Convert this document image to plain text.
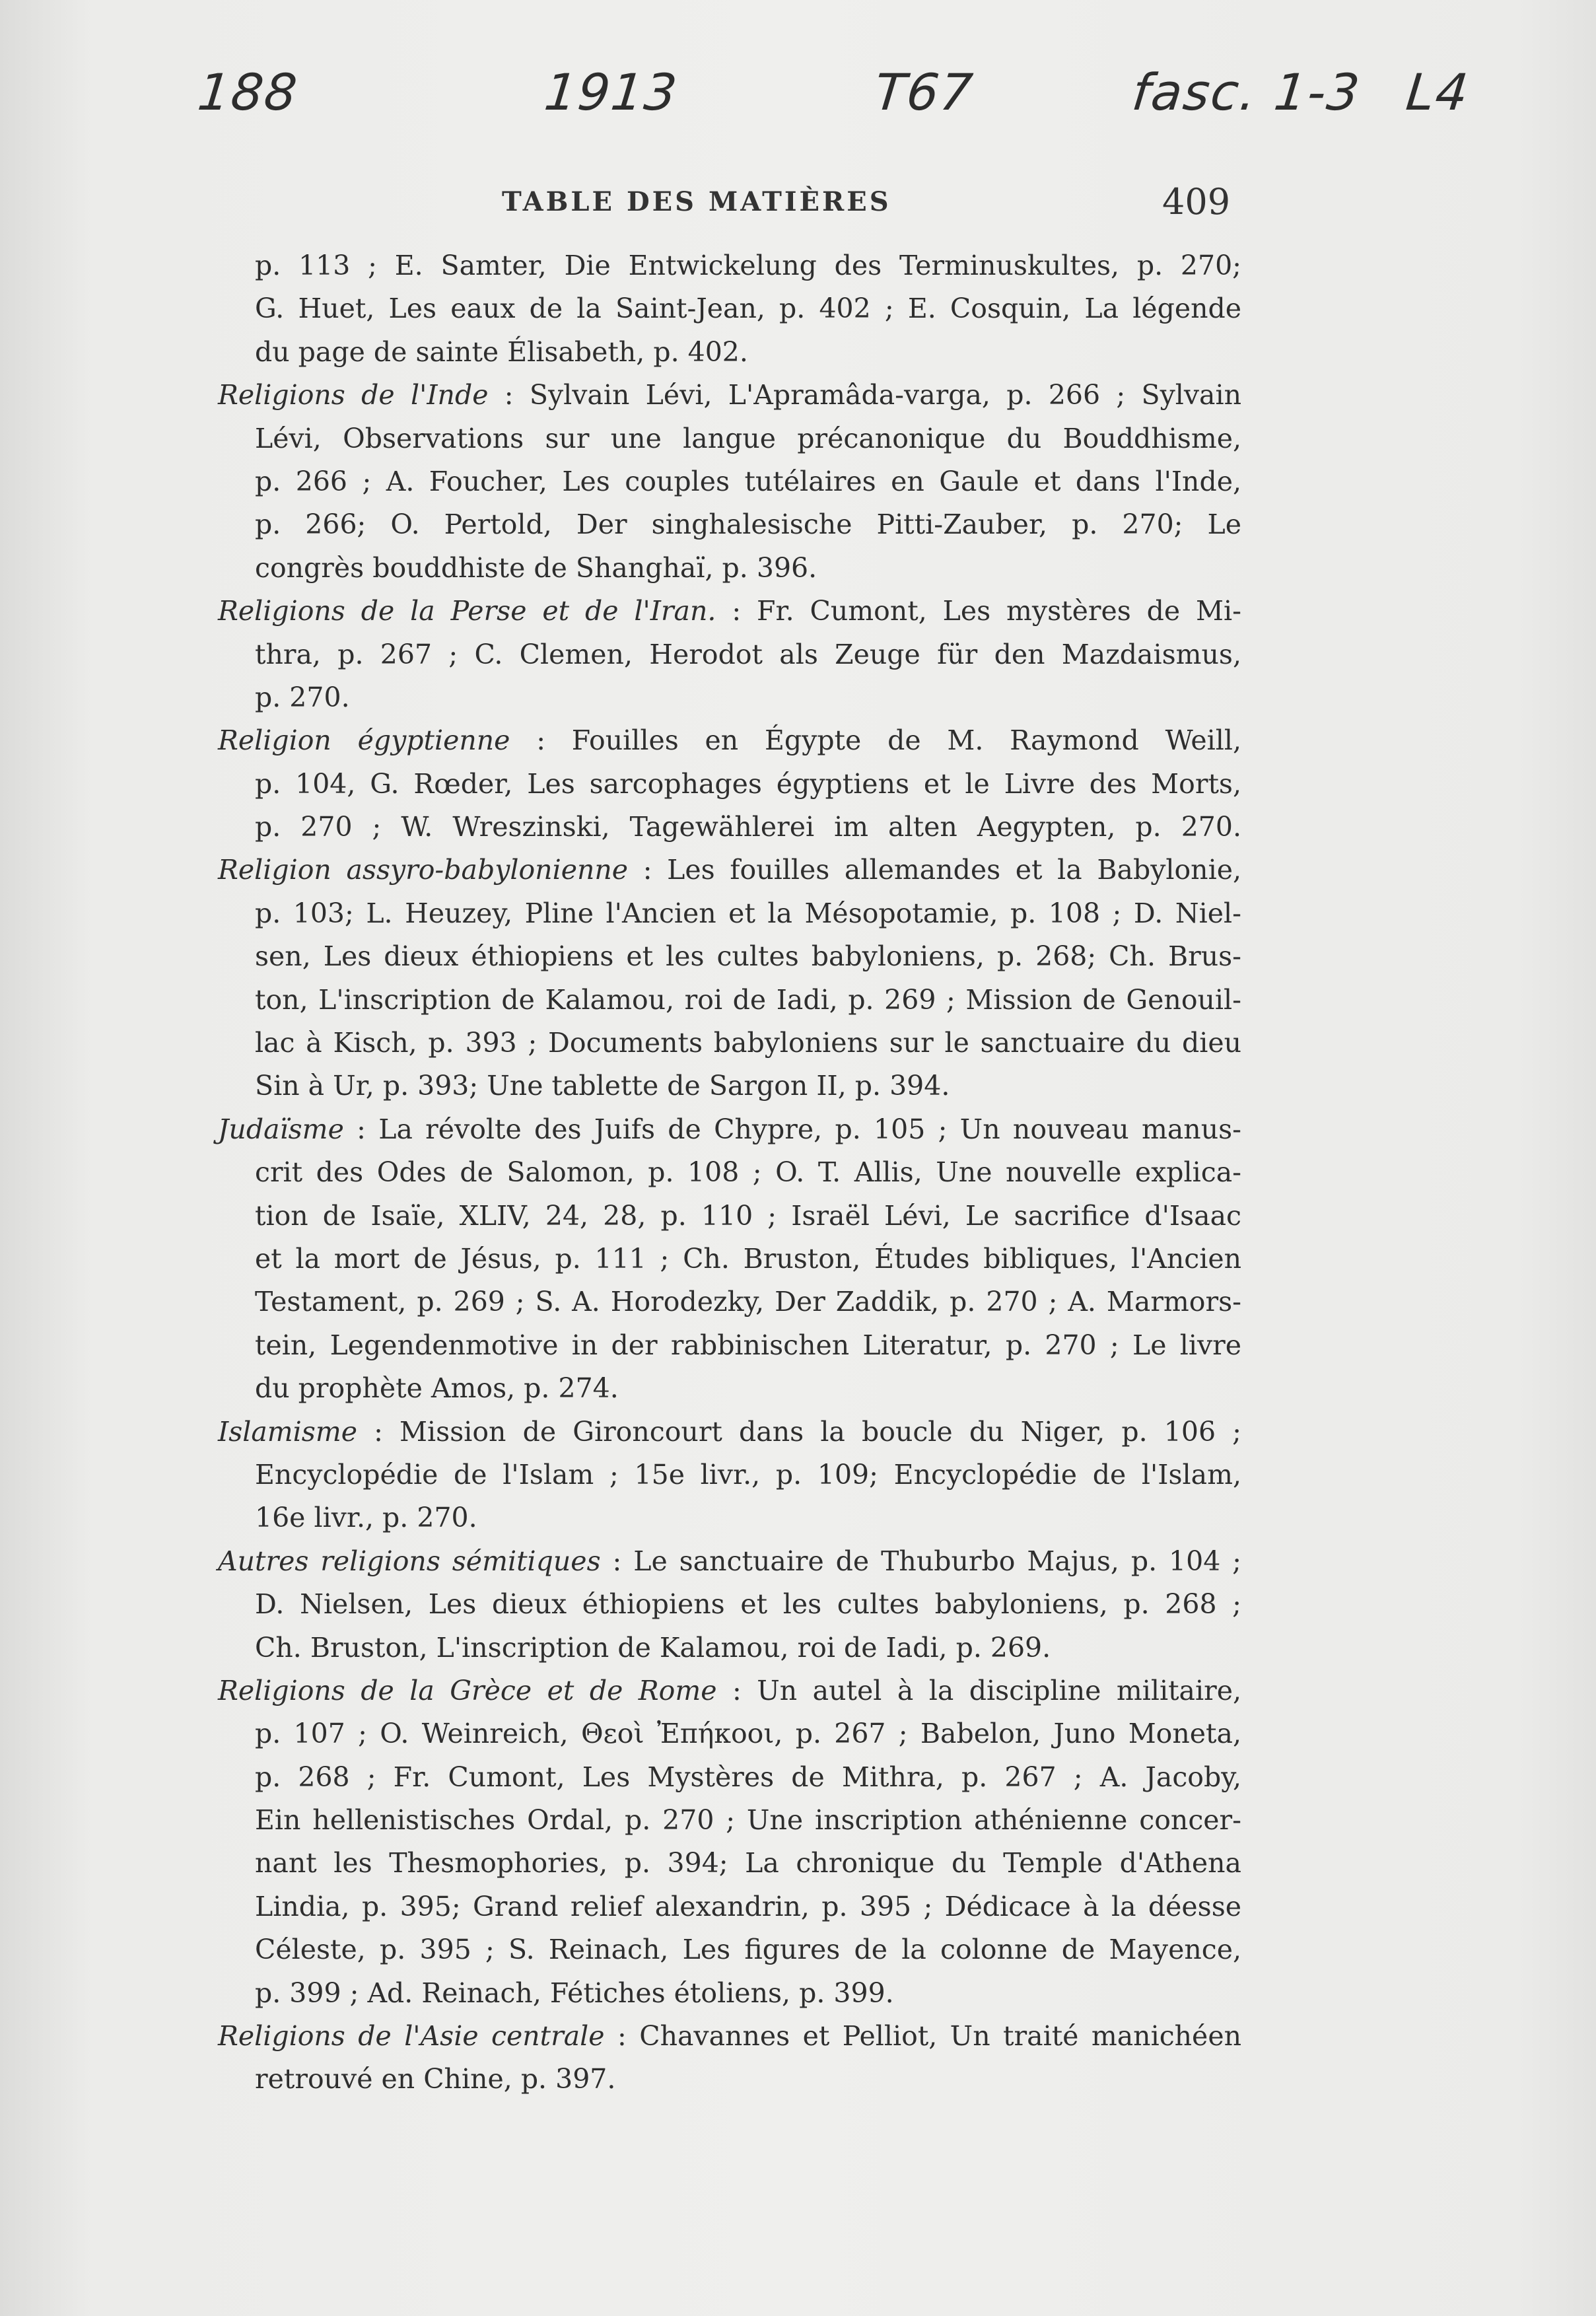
188	1913	T67	fasc. 1-3 L4
TABLE DES MATIÈRES	409
p. 113 ; E. Samter, Die Entwickelung des Terminuskultes, p. 270;
G. Huet, Les eaux de la Saint-Jean, p. 402 ; E. Cosquin, La légende
du page de sainte Élisabeth, p. 402.
Religions de l'Inde : Sylvain Lévi, L'Apramâda-varga, p. 266 ; Sylvain
Lévi, Observations sur une langue précanonique du Bouddhisme,
p. 266 ; A. Foucher, Les couples tutélaires en Gaule et dans l'Inde,
p. 266; O. Pertold, Der singhalesische Pitti-Zauber, p. 270; Le
congrès bouddhiste de Shanghaï, p. 396.
Religions de la Perse et de l'Iran. : Fr. Cumont, Les mystères de Mi-
thra, p. 267 ; C. Clemen, Herodot als Zeuge für den Mazdaismus,
p. 270.
Religion égyptienne : Fouilles en Égypte de M. Raymond Weill,
p. 104, G. Rœder, Les sarcophages égyptiens et le Livre des Morts,
p. 270 ; W. Wreszinski, Tagewählerei im alten Aegypten, p. 270.
Religion assyro-babylonienne : Les fouilles allemandes et la Babylonie,
p. 103; L. Heuzey, Pline l'Ancien et la Mésopotamie, p. 108 ; D. Niel-
sen, Les dieux éthiopiens et les cultes babyloniens, p. 268; Ch. Brus-
ton, L'inscription de Kalamou, roi de Iadi, p. 269 ; Mission de Genouil-
lac à Kisch, p. 393 ; Documents babyloniens sur le sanctuaire du dieu
Sin à Ur, p. 393; Une tablette de Sargon II, p. 394.
Judaïsme : La révolte des Juifs de Chypre, p. 105 ; Un nouveau manus-
crit des Odes de Salomon, p. 108 ; O. T. Allis, Une nouvelle explica-
tion de Isaïe, XLIV, 24, 28, p. 110 ; Israël Lévi, Le sacrifice d'Isaac
et la mort de Jésus, p. 111 ; Ch. Bruston, Études bibliques, l'Ancien
Testament, p. 269 ; S. A. Horodezky, Der Zaddik, p. 270 ; A. Marmors-
tein, Legendenmotive in der rabbinischen Literatur, p. 270 ; Le livre
du prophète Amos, p. 274.
Islamisme : Mission de Gironcourt dans la boucle du Niger, p. 106 ;
Encyclopédie de l'Islam ; 15e livr., p. 109; Encyclopédie de l'Islam,
16e livr., p. 270.
Autres religions sémitiques : Le sanctuaire de Thuburbo Majus, p. 104 ;
D. Nielsen, Les dieux éthiopiens et les cultes babyloniens, p. 268 ;
Ch. Bruston, L'inscription de Kalamou, roi de Iadi, p. 269.
Religions de la Grèce et de Rome : Un autel à la discipline militaire,
p. 107 ; O. Weinreich, Θεοὶ Ἐπήκοοι, p. 267 ; Babelon, Juno Moneta,
p. 268 ; Fr. Cumont, Les Mystères de Mithra, p. 267 ; A. Jacoby,
Ein hellenistisches Ordal, p. 270 ; Une inscription athénienne concer-
nant les Thesmophories, p. 394; La chronique du Temple d'Athena
Lindia, p. 395; Grand relief alexandrin, p. 395 ; Dédicace à la déesse
Céleste, p. 395 ; S. Reinach, Les figures de la colonne de Mayence,
p. 399 ; Ad. Reinach, Fétiches étoliens, p. 399.
Religions de l'Asie centrale : Chavannes et Pelliot, Un traité manichéen
retrouvé en Chine, p. 397.
